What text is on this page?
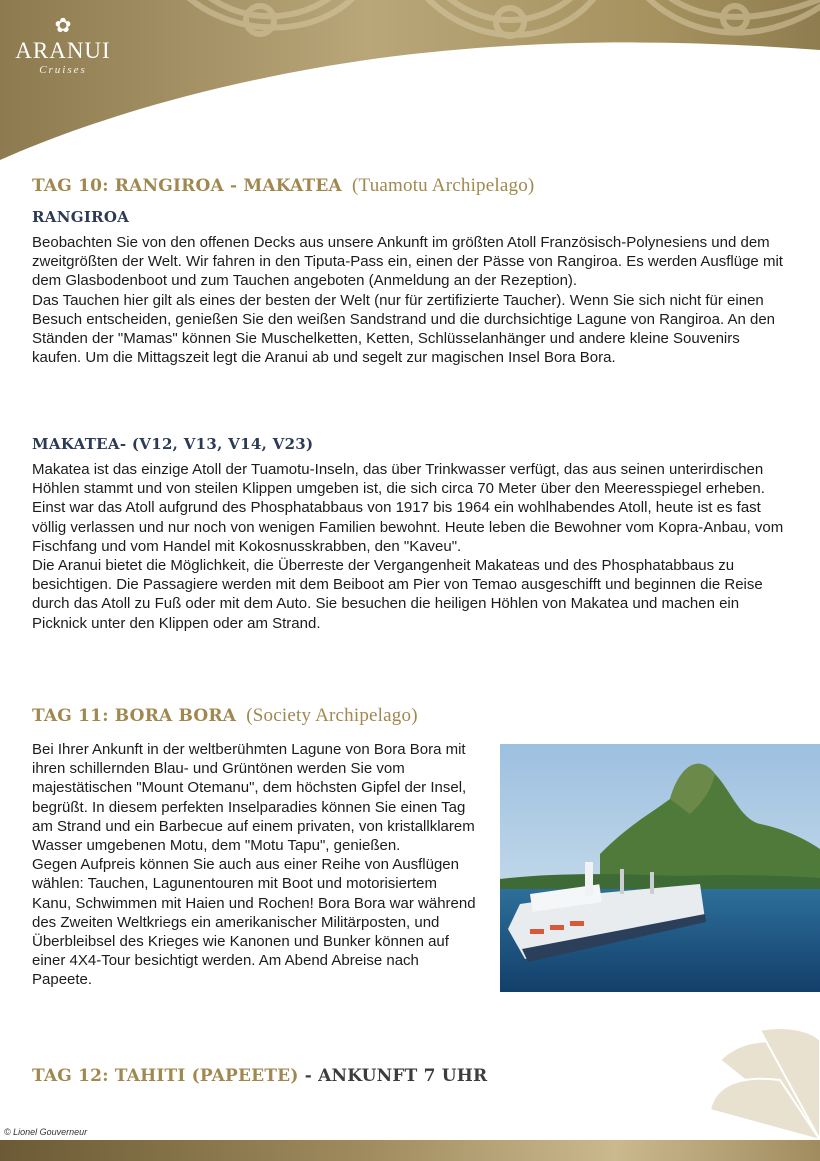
✿
ARANUI
Cruises
TAG 10: RANGIROA - MAKATEA (Tuamotu Archipelago)
RANGIROA

Beobachten Sie von den offenen Decks aus unsere Ankunft im größten Atoll Französisch-Polynesiens und dem zweitgrößten der Welt. Wir fahren in den Tiputa-Pass ein, einen der Pässe von Rangiroa. Es werden Ausflüge mit dem Glasbodenboot und zum Tauchen angeboten (Anmeldung an der Rezeption).

Das Tauchen hier gilt als eines der besten der Welt (nur für zertifizierte Taucher). Wenn Sie sich nicht für einen Besuch entscheiden, genießen Sie den weißen Sandstrand und die durchsichtige Lagune von Rangiroa. An den Ständen der "Mamas" können Sie Muschelketten, Ketten, Schlüsselanhänger und andere kleine Souvenirs kaufen. Um die Mittagszeit legt die Aranui ab und segelt zur magischen Insel Bora Bora.

MAKATEA- (V12, V13, V14, V23)

Makatea ist das einzige Atoll der Tuamotu-Inseln, das über Trinkwasser verfügt, das aus seinen unterirdischen Höhlen stammt und von steilen Klippen umgeben ist, die sich circa 70 Meter über den Meeresspiegel erheben. Einst war das Atoll aufgrund des Phosphatabbaus von 1917 bis 1964 ein wohlhabendes Atoll, heute ist es fast völlig verlassen und nur noch von wenigen Familien bewohnt. Heute leben die Bewohner vom Kopra-Anbau, vom Fischfang und vom Handel mit Kokosnusskrabben, den "Kaveu".

Die Aranui bietet die Möglichkeit, die Überreste der Vergangenheit Makateas und des Phosphatabbaus zu besichtigen. Die Passagiere werden mit dem Beiboot am Pier von Temao ausgeschifft und beginnen die Reise durch das Atoll zu Fuß oder mit dem Auto. Sie besuchen die heiligen Höhlen von Makatea und machen ein Picknick unter den Klippen oder am Strand.

TAG 11: BORA BORA (Society Archipelago)

Bei Ihrer Ankunft in der weltberühmten Lagune von Bora Bora mit ihren schillernden Blau- und Grüntönen werden Sie vom majestätischen "Mount Otemanu", dem höchsten Gipfel der Insel, begrüßt. In diesem perfekten Inselparadies können Sie einen Tag am Strand und ein Barbecue auf einem privaten, von kristallklarem Wasser umgebenen Motu, dem "Motu Tapu", genießen.

Gegen Aufpreis können Sie auch aus einer Reihe von Ausflügen wählen: Tauchen, Lagunentouren mit Boot und motorisiertem Kanu, Schwimmen mit Haien und Rochen! Bora Bora war während des Zweiten Weltkriegs ein amerikanischer Militärposten, und Überbleibsel des Krieges wie Kanonen und Bunker können auf einer 4X4-Tour besichtigt werden. Am Abend Abreise nach Papeete.

TAG 12: TAHITI (PAPEETE) - ANKUNFT 7 UHR
© Lionel Gouverneur
